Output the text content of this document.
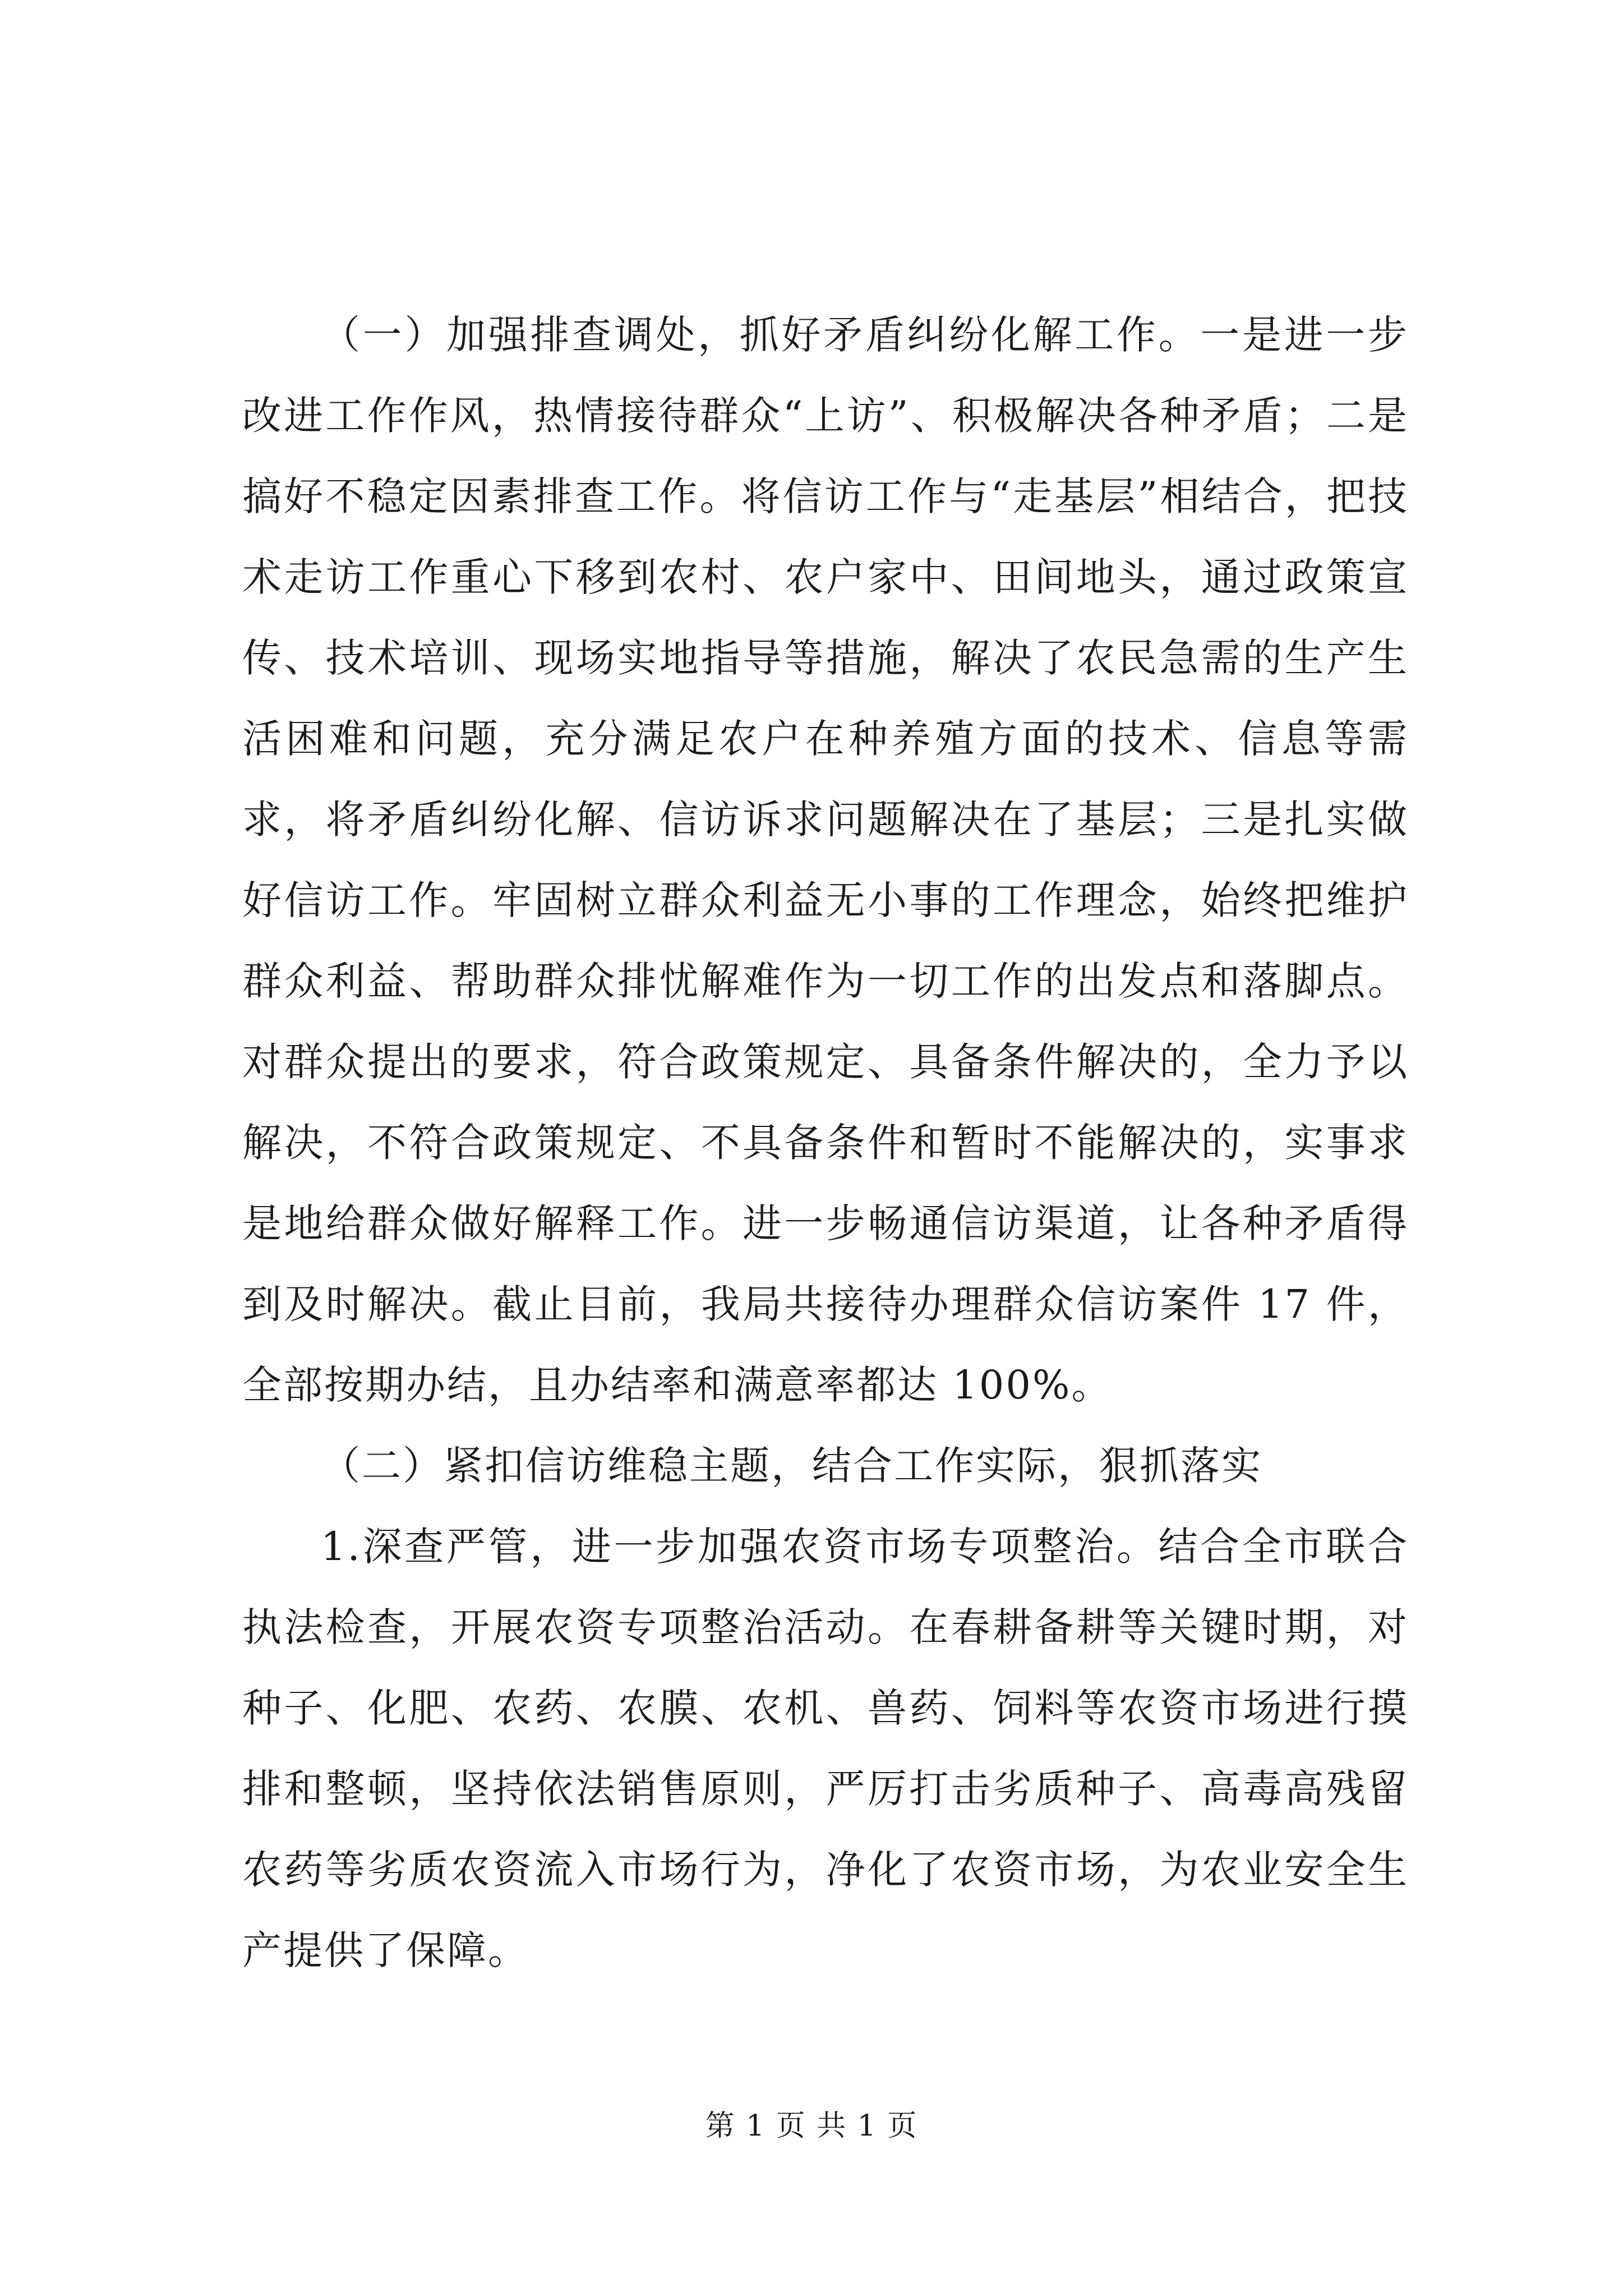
（一）加强排查调处，抓好矛盾纠纷化解工作。一是进一步改进工作作风，热情接待群众“上访”、积极解决各种矛盾；二是搞好不稳定因素排查工作。将信访工作与“走基层”相结合，把技术走访工作重心下移到农村、农户家中、田间地头，通过政策宣传、技术培训、现场实地指导等措施，解决了农民急需的生产生活困难和问题，充分满足农户在种养殖方面的技术、信息等需求，将矛盾纠纷化解、信访诉求问题解决在了基层；三是扎实做好信访工作。牢固树立群众利益无小事的工作理念，始终把维护群众利益、帮助群众排忧解难作为一切工作的出发点和落脚点。对群众提出的要求，符合政策规定、具备条件解决的，全力予以解决，不符合政策规定、不具备条件和暂时不能解决的，实事求是地给群众做好解释工作。进一步畅通信访渠道，让各种矛盾得到及时解决。截止目前，我局共接待办理群众信访案件 17 件，全部按期办结，且办结率和满意率都达 100%。

（二）紧扣信访维稳主题，结合工作实际，狠抓落实

1.深查严管，进一步加强农资市场专项整治。结合全市联合执法检查，开展农资专项整治活动。在春耕备耕等关键时期，对种子、化肥、农药、农膜、农机、兽药、饲料等农资市场进行摸排和整顿，坚持依法销售原则，严厉打击劣质种子、高毒高残留农药等劣质农资流入市场行为，净化了农资市场，为农业安全生产提供了保障。

第 1 页 共 1 页
